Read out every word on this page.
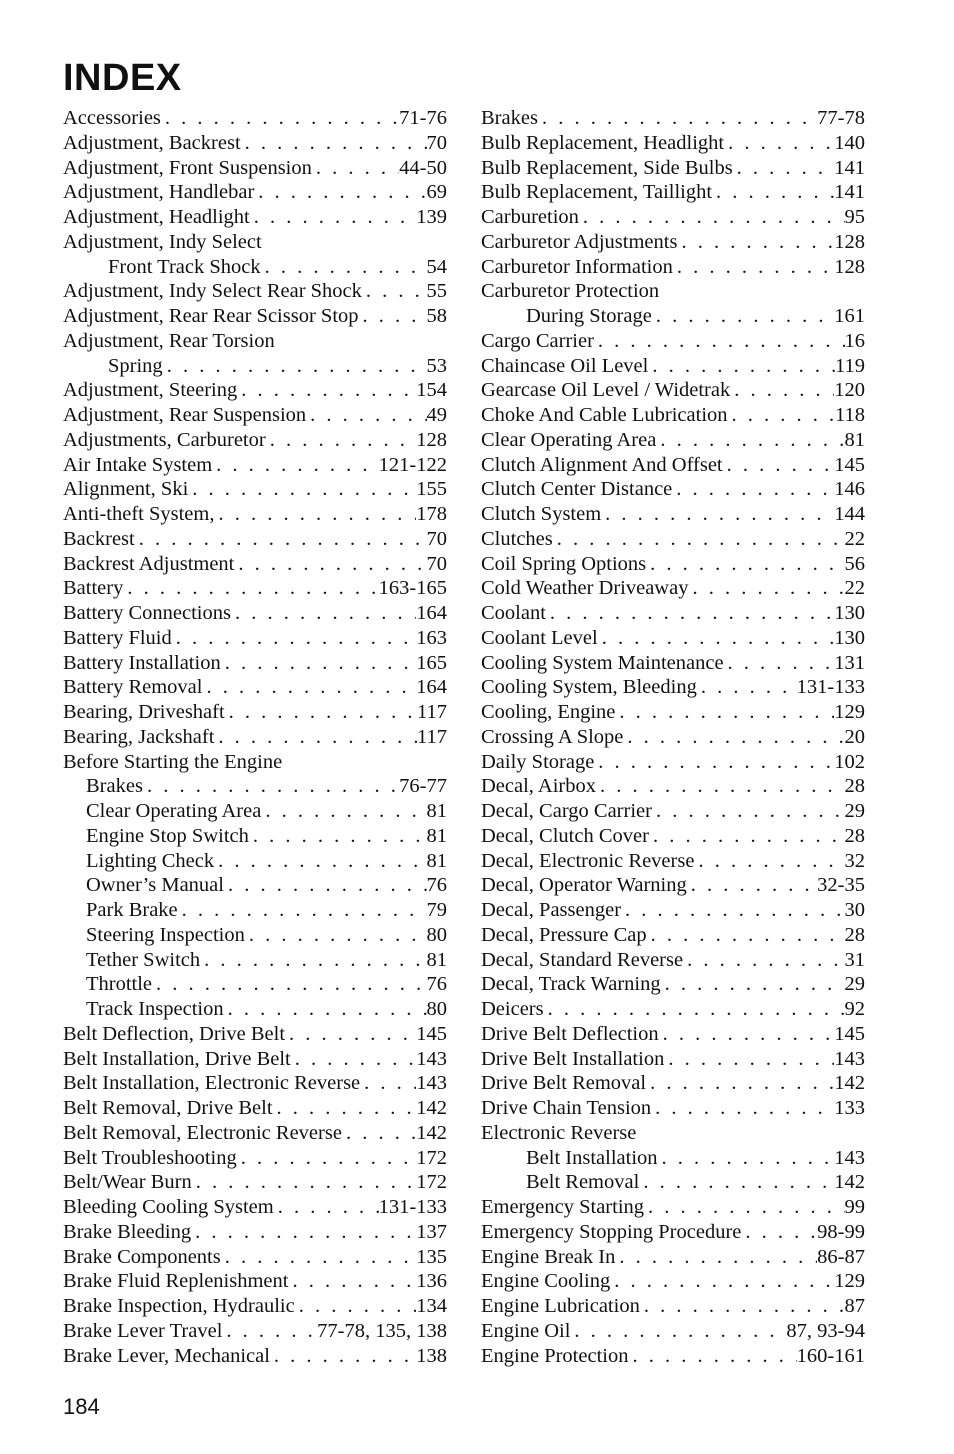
INDEX
Accessories . . .	71-76
Adjustment, Backrest . . .	70
Adjustment, Front Suspension . . .	44-50
Adjustment, Handlebar . . .	69
Adjustment, Headlight . . .	139
Adjustment, Indy Select
Front Track Shock . . .	54
Adjustment, Indy Select Rear Shock . . .	55
Adjustment, Rear Rear Scissor Stop . . .	58
Adjustment, Rear Torsion
Spring . . .	53
Adjustment, Steering . . .	154
Adjustment, Rear Suspension . . .	49
Adjustments, Carburetor . . .	128
Air Intake System . . .	121-122
Alignment, Ski . . .	155
Anti-theft System, . . .	178
Backrest . . .	70
Backrest Adjustment . . .	70
Battery . . .	163-165
Battery Connections . . .	164
Battery Fluid . . .	163
Battery Installation . . .	165
Battery Removal . . .	164
Bearing, Driveshaft . . .	117
Bearing, Jackshaft . . .	117
Before Starting the Engine
Brakes . . .	76-77
Clear Operating Area . . .	81
Engine Stop Switch . . .	81
Lighting Check . . .	81
Owner’s Manual . . .	76
Park Brake . . .	79
Steering Inspection . . .	80
Tether Switch . . .	81
Throttle . . .	76
Track Inspection . . .	80
Belt Deflection, Drive Belt . . .	145
Belt Installation, Drive Belt . . .	143
Belt Installation, Electronic Reverse . . .	143
Belt Removal, Drive Belt . . .	142
Belt Removal, Electronic Reverse . . .	142
Belt Troubleshooting . . .	172
Belt/Wear Burn . . .	172
Bleeding Cooling System . . .	131-133
Brake Bleeding . . .	137
Brake Components . . .	135
Brake Fluid Replenishment . . .	136
Brake Inspection, Hydraulic . . .	134
Brake Lever Travel . . .	77-78, 135, 138
Brake Lever, Mechanical . . .	138
Brakes . . .	77-78
Bulb Replacement, Headlight . . .	140
Bulb Replacement, Side Bulbs . . .	141
Bulb Replacement, Taillight . . .	141
Carburetion . . .	95
Carburetor Adjustments . . .	128
Carburetor Information . . .	128
Carburetor Protection
During Storage . . .	161
Cargo Carrier . . .	16
Chaincase Oil Level . . .	119
Gearcase Oil Level / Widetrak . . .	120
Choke And Cable Lubrication . . .	118
Clear Operating Area . . .	81
Clutch Alignment And Offset . . .	145
Clutch Center Distance . . .	146
Clutch System . . .	144
Clutches . . .	22
Coil Spring Options . . .	56
Cold Weather Driveaway . . .	22
Coolant . . .	130
Coolant Level . . .	130
Cooling System Maintenance . . .	131
Cooling System, Bleeding . . .	131-133
Cooling, Engine . . .	129
Crossing A Slope . . .	20
Daily Storage . . .	102
Decal, Airbox . . .	28
Decal, Cargo Carrier . . .	29
Decal, Clutch Cover . . .	28
Decal, Electronic Reverse . . .	32
Decal, Operator Warning . . .	32-35
Decal, Passenger . . .	30
Decal, Pressure Cap . . .	28
Decal, Standard Reverse . . .	31
Decal, Track Warning . . .	29
Deicers . . .	92
Drive Belt Deflection . . .	145
Drive Belt Installation . . .	143
Drive Belt Removal . . .	142
Drive Chain Tension . . .	133
Electronic Reverse
Belt Installation . . .	143
Belt Removal . . .	142
Emergency Starting . . .	99
Emergency Stopping Procedure . . .	98-99
Engine Break In . . .	86-87
Engine Cooling . . .	129
Engine Lubrication . . .	87
Engine Oil . . .	87, 93-94
Engine Protection . . .	160-161
184
